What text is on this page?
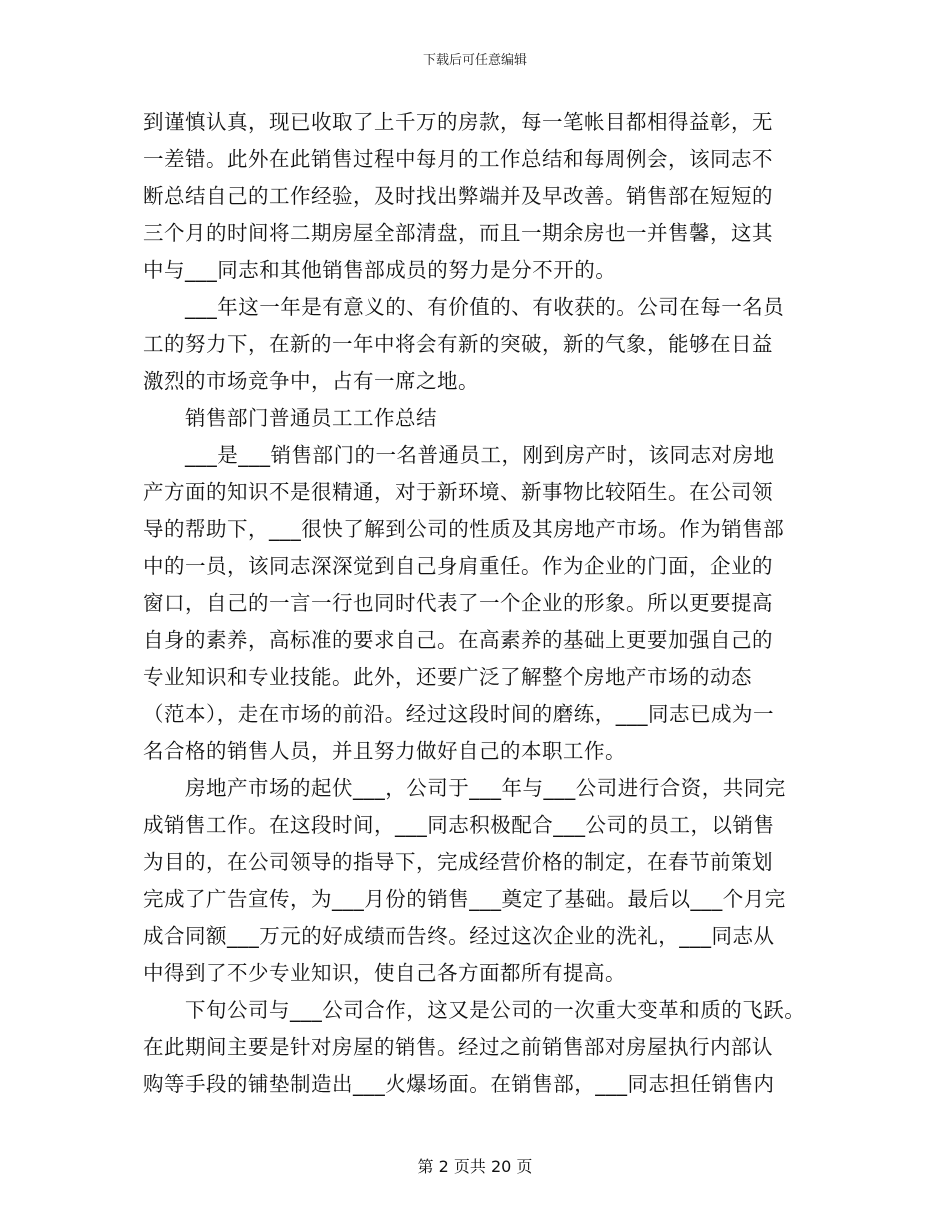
下载后可任意编辑
到谨慎认真，现已收取了上千万的房款，每一笔帐目都相得益彰，无
一差错。此外在此销售过程中每月的工作总结和每周例会，该同志不
断总结自己的工作经验，及时找出弊端并及早改善。销售部在短短的
三个月的时间将二期房屋全部清盘，而且一期余房也一并售馨，这其
中与___同志和其他销售部成员的努力是分不开的。
___年这一年是有意义的、有价值的、有收获的。公司在每一名员
工的努力下，在新的一年中将会有新的突破，新的气象，能够在日益
激烈的市场竞争中，占有一席之地。
销售部门普通员工工作总结
___是___销售部门的一名普通员工，刚到房产时，该同志对房地
产方面的知识不是很精通，对于新环境、新事物比较陌生。在公司领
导的帮助下，___很快了解到公司的性质及其房地产市场。作为销售部
中的一员，该同志深深觉到自己身肩重任。作为企业的门面，企业的
窗口，自己的一言一行也同时代表了一个企业的形象。所以更要提高
自身的素养，高标准的要求自己。在高素养的基础上更要加强自己的
专业知识和专业技能。此外，还要广泛了解整个房地产市场的动态
（范本），走在市场的前沿。经过这段时间的磨练，___同志已成为一
名合格的销售人员，并且努力做好自己的本职工作。
房地产市场的起伏___，公司于___年与___公司进行合资，共同完
成销售工作。在这段时间，___同志积极配合___公司的员工，以销售
为目的，在公司领导的指导下，完成经营价格的制定，在春节前策划
完成了广告宣传，为___月份的销售___奠定了基础。最后以___个月完
成合同额___万元的好成绩而告终。经过这次企业的洗礼，___同志从
中得到了不少专业知识，使自己各方面都所有提高。
下旬公司与___公司合作，这又是公司的一次重大变革和质的飞跃。
在此期间主要是针对房屋的销售。经过之前销售部对房屋执行内部认
购等手段的铺垫制造出___火爆场面。在销售部，___同志担任销售内
第 2 页共 20 页
